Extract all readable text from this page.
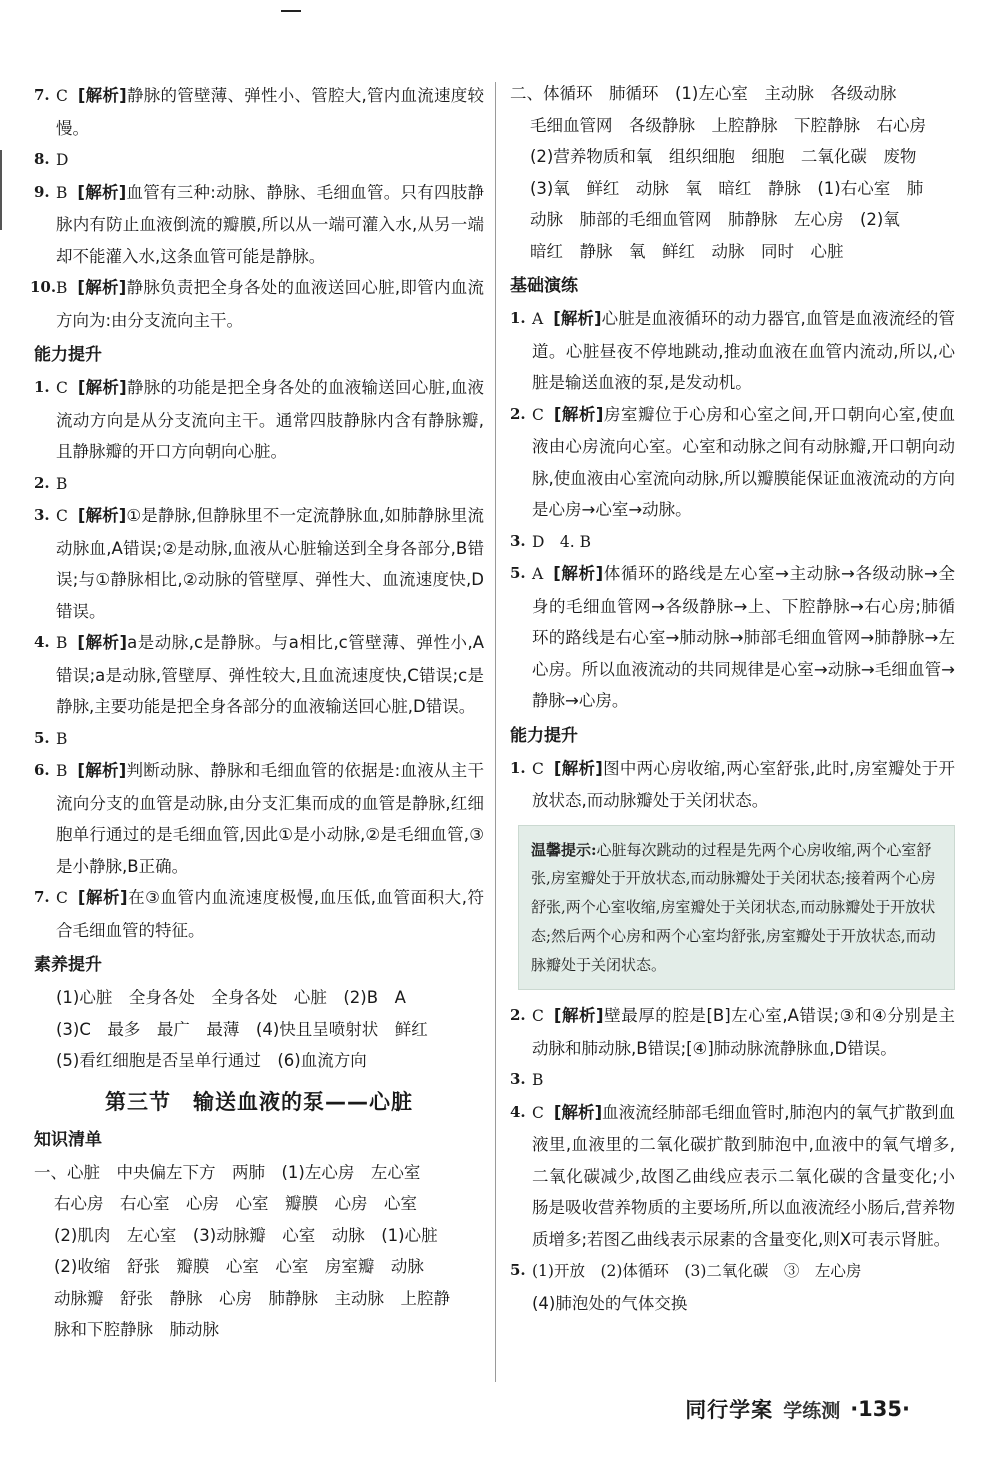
7. C [解析]静脉的管壁薄、弹性小、管腔大,管内血流速度较慢。
8. D
9. B [解析]血管有三种:动脉、静脉、毛细血管。只有四肢静脉内有防止血液倒流的瓣膜,所以从一端可灌入水,从另一端却不能灌入水,这条血管可能是静脉。
10. B [解析]静脉负责把全身各处的血液送回心脏,即管内血流方向为:由分支流向主干。
能力提升
1. C [解析]静脉的功能是把全身各处的血液输送回心脏,血液流动方向是从分支流向主干。通常四肢静脉内含有静脉瓣,且静脉瓣的开口方向朝向心脏。
2. B
3. C [解析]①是静脉,但静脉里不一定流静脉血,如肺静脉里流动脉血,A错误;②是动脉,血液从心脏输送到全身各部分,B错误;与①静脉相比,②动脉的管壁厚、弹性大、血流速度快,D错误。
4. B [解析]a是动脉,c是静脉。与a相比,c管壁薄、弹性小,A错误;a是动脉,管壁厚、弹性较大,且血流速度快,C错误;c是静脉,主要功能是把全身各部分的血液输送回心脏,D错误。
5. B
6. B [解析]判断动脉、静脉和毛细血管的依据是:血液从主干流向分支的血管是动脉,由分支汇集而成的血管是静脉,红细胞单行通过的是毛细血管,因此①是小动脉,②是毛细血管,③是小静脉,B正确。
7. C [解析]在③血管内血流速度极慢,血压低,血管面积大,符合毛细血管的特征。
素养提升
(1)心脏　全身各处　全身各处　心脏　(2)B　A
(3)C　最多　最广　最薄　(4)快且呈喷射状　鲜红
(5)看红细胞是否呈单行通过　(6)血流方向
第三节　输送血液的泵——心脏
知识清单
一、心脏　中央偏左下方　两肺　(1)左心房　左心室
右心房　右心室　心房　心室　瓣膜　心房　心室
(2)肌肉　左心室　(3)动脉瓣　心室　动脉　(1)心脏
(2)收缩　舒张　瓣膜　心室　心室　房室瓣　动脉
动脉瓣　舒张　静脉　心房　肺静脉　主动脉　上腔静
脉和下腔静脉　肺动脉
二、体循环　肺循环　(1)左心室　主动脉　各级动脉
毛细血管网　各级静脉　上腔静脉　下腔静脉　右心房
(2)营养物质和氧　组织细胞　细胞　二氧化碳　废物
(3)氧　鲜红　动脉　氧　暗红　静脉　(1)右心室　肺
动脉　肺部的毛细血管网　肺静脉　左心房　(2)氧
暗红　静脉　氧　鲜红　动脉　同时　心脏
基础演练
1. A [解析]心脏是血液循环的动力器官,血管是血液流经的管道。心脏昼夜不停地跳动,推动血液在血管内流动,所以,心脏是输送血液的泵,是发动机。
2. C [解析]房室瓣位于心房和心室之间,开口朝向心室,使血液由心房流向心室。心室和动脉之间有动脉瓣,开口朝向动脉,使血液由心室流向动脉,所以瓣膜能保证血液流动的方向是心房→心室→动脉。
3. D　4. B
5. A [解析]体循环的路线是左心室→主动脉→各级动脉→全身的毛细血管网→各级静脉→上、下腔静脉→右心房;肺循环的路线是右心室→肺动脉→肺部毛细血管网→肺静脉→左心房。所以血液流动的共同规律是心室→动脉→毛细血管→静脉→心房。
能力提升
1. C [解析]图中两心房收缩,两心室舒张,此时,房室瓣处于开放状态,而动脉瓣处于关闭状态。
温馨提示:心脏每次跳动的过程是先两个心房收缩,两个心室舒张,房室瓣处于开放状态,而动脉瓣处于关闭状态;接着两个心房舒张,两个心室收缩,房室瓣处于关闭状态,而动脉瓣处于开放状态;然后两个心房和两个心室均舒张,房室瓣处于开放状态,而动脉瓣处于关闭状态。
2. C [解析]壁最厚的腔是[B]左心室,A错误;③和④分别是主动脉和肺动脉,B错误;[④]肺动脉流静脉血,D错误。
3. B
4. C [解析]血液流经肺部毛细血管时,肺泡内的氧气扩散到血液里,血液里的二氧化碳扩散到肺泡中,血液中的氧气增多,二氧化碳减少,故图乙曲线应表示二氧化碳的含量变化;小肠是吸收营养物质的主要场所,所以血液流经小肠后,营养物质增多;若图乙曲线表示尿素的含量变化,则X可表示肾脏。
5. (1)开放　(2)体循环　(3)二氧化碳　③　左心房
(4)肺泡处的气体交换
同行学案 学练测 ·135·
